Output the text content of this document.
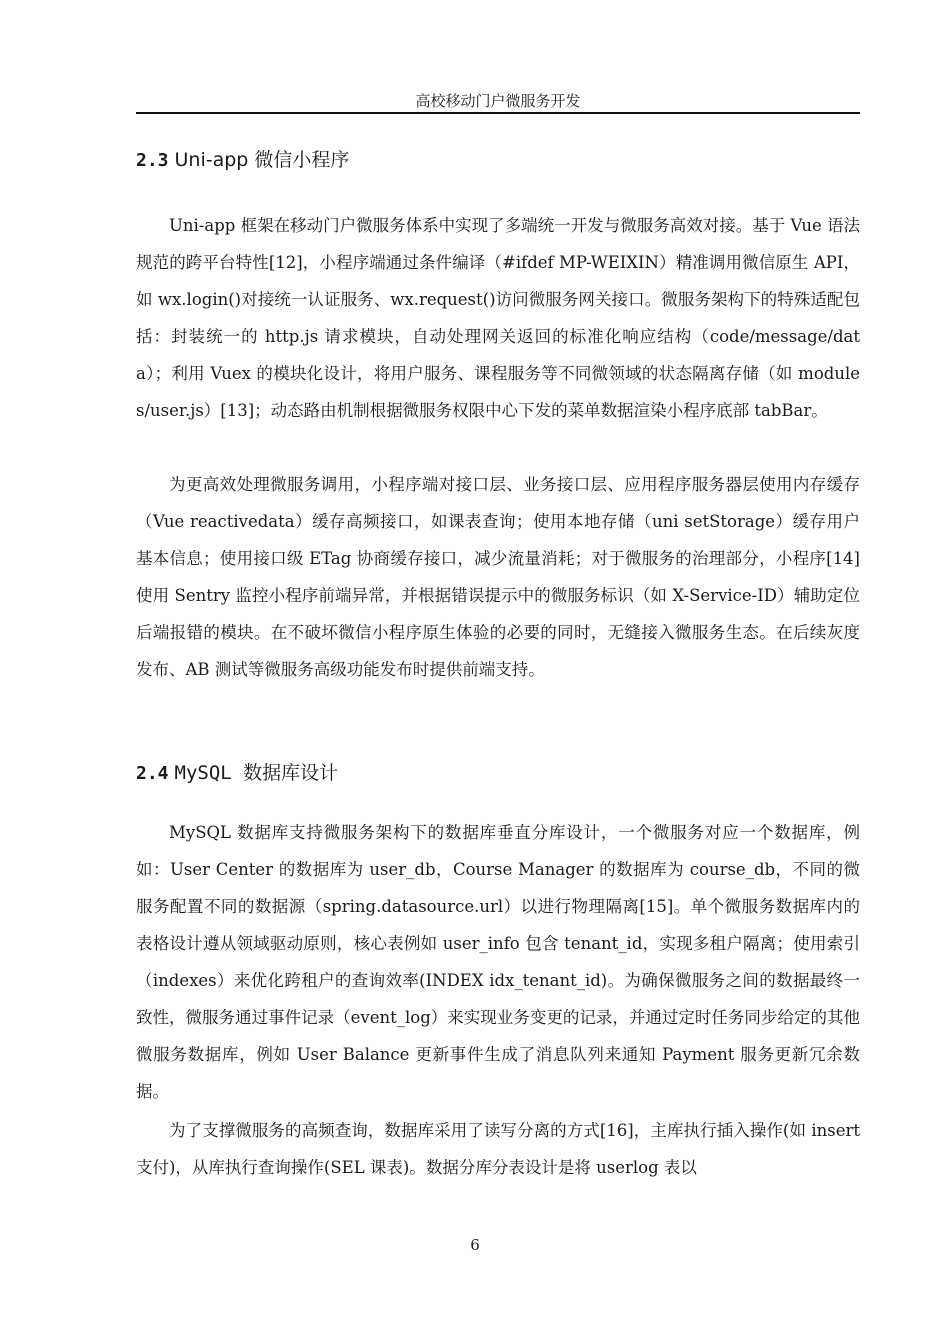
高校移动门户微服务开发
2.3 Uni-app 微信小程序

Uni-app 框架在移动门户微服务体系中实现了多端统一开发与微服务高效对接。基于 Vue 语法规范的跨平台特性[12]，小程序端通过条件编译（#ifdef MP-WEIXIN）精准调用微信原生 API，如 wx.login()对接统一认证服务、wx.request()访问微服务网关接口。微服务架构下的特殊适配包括：封装统一的 http.js 请求模块，自动处理网关返回的标准化响应结构（code/message/data）；利用 Vuex 的模块化设计，将用户服务、课程服务等不同微领域的状态隔离存储（如 modules/user.js）[13]；动态路由机制根据微服务权限中心下发的菜单数据渲染小程序底部 tabBar。

为更高效处理微服务调用，小程序端对接口层、业务接口层、应用程序服务器层使用内存缓存（Vue reactivedata）缓存高频接口，如课表查询；使用本地存储（uni setStorage）缓存用户基本信息；使用接口级 ETag 协商缓存接口，减少流量消耗；对于微服务的治理部分，小程序[14]使用 Sentry 监控小程序前端异常，并根据错误提示中的微服务标识（如 X-Service-ID）辅助定位后端报错的模块。在不破坏微信小程序原生体验的必要的同时，无缝接入微服务生态。在后续灰度发布、AB 测试等微服务高级功能发布时提供前端支持。

2.4 MySQL 数据库设计

MySQL 数据库支持微服务架构下的数据库垂直分库设计，一个微服务对应一个数据库，例如：User Center 的数据库为 user_db，Course Manager 的数据库为 course_db，不同的微服务配置不同的数据源（spring.datasource.url）以进行物理隔离[15]。单个微服务数据库内的表格设计遵从领域驱动原则，核心表例如 user_info 包含 tenant_id，实现多租户隔离；使用索引（indexes）来优化跨租户的查询效率(INDEX idx_tenant_id)。为确保微服务之间的数据最终一致性，微服务通过事件记录（event_log）来实现业务变更的记录，并通过定时任务同步给定的其他微服务数据库，例如 User Balance 更新事件生成了消息队列来通知 Payment 服务更新冗余数据。

为了支撑微服务的高频查询，数据库采用了读写分离的方式[16]，主库执行插入操作(如 insert 支付)，从库执行查询操作(SEL 课表)。数据分库分表设计是将 userlog 表以

6
